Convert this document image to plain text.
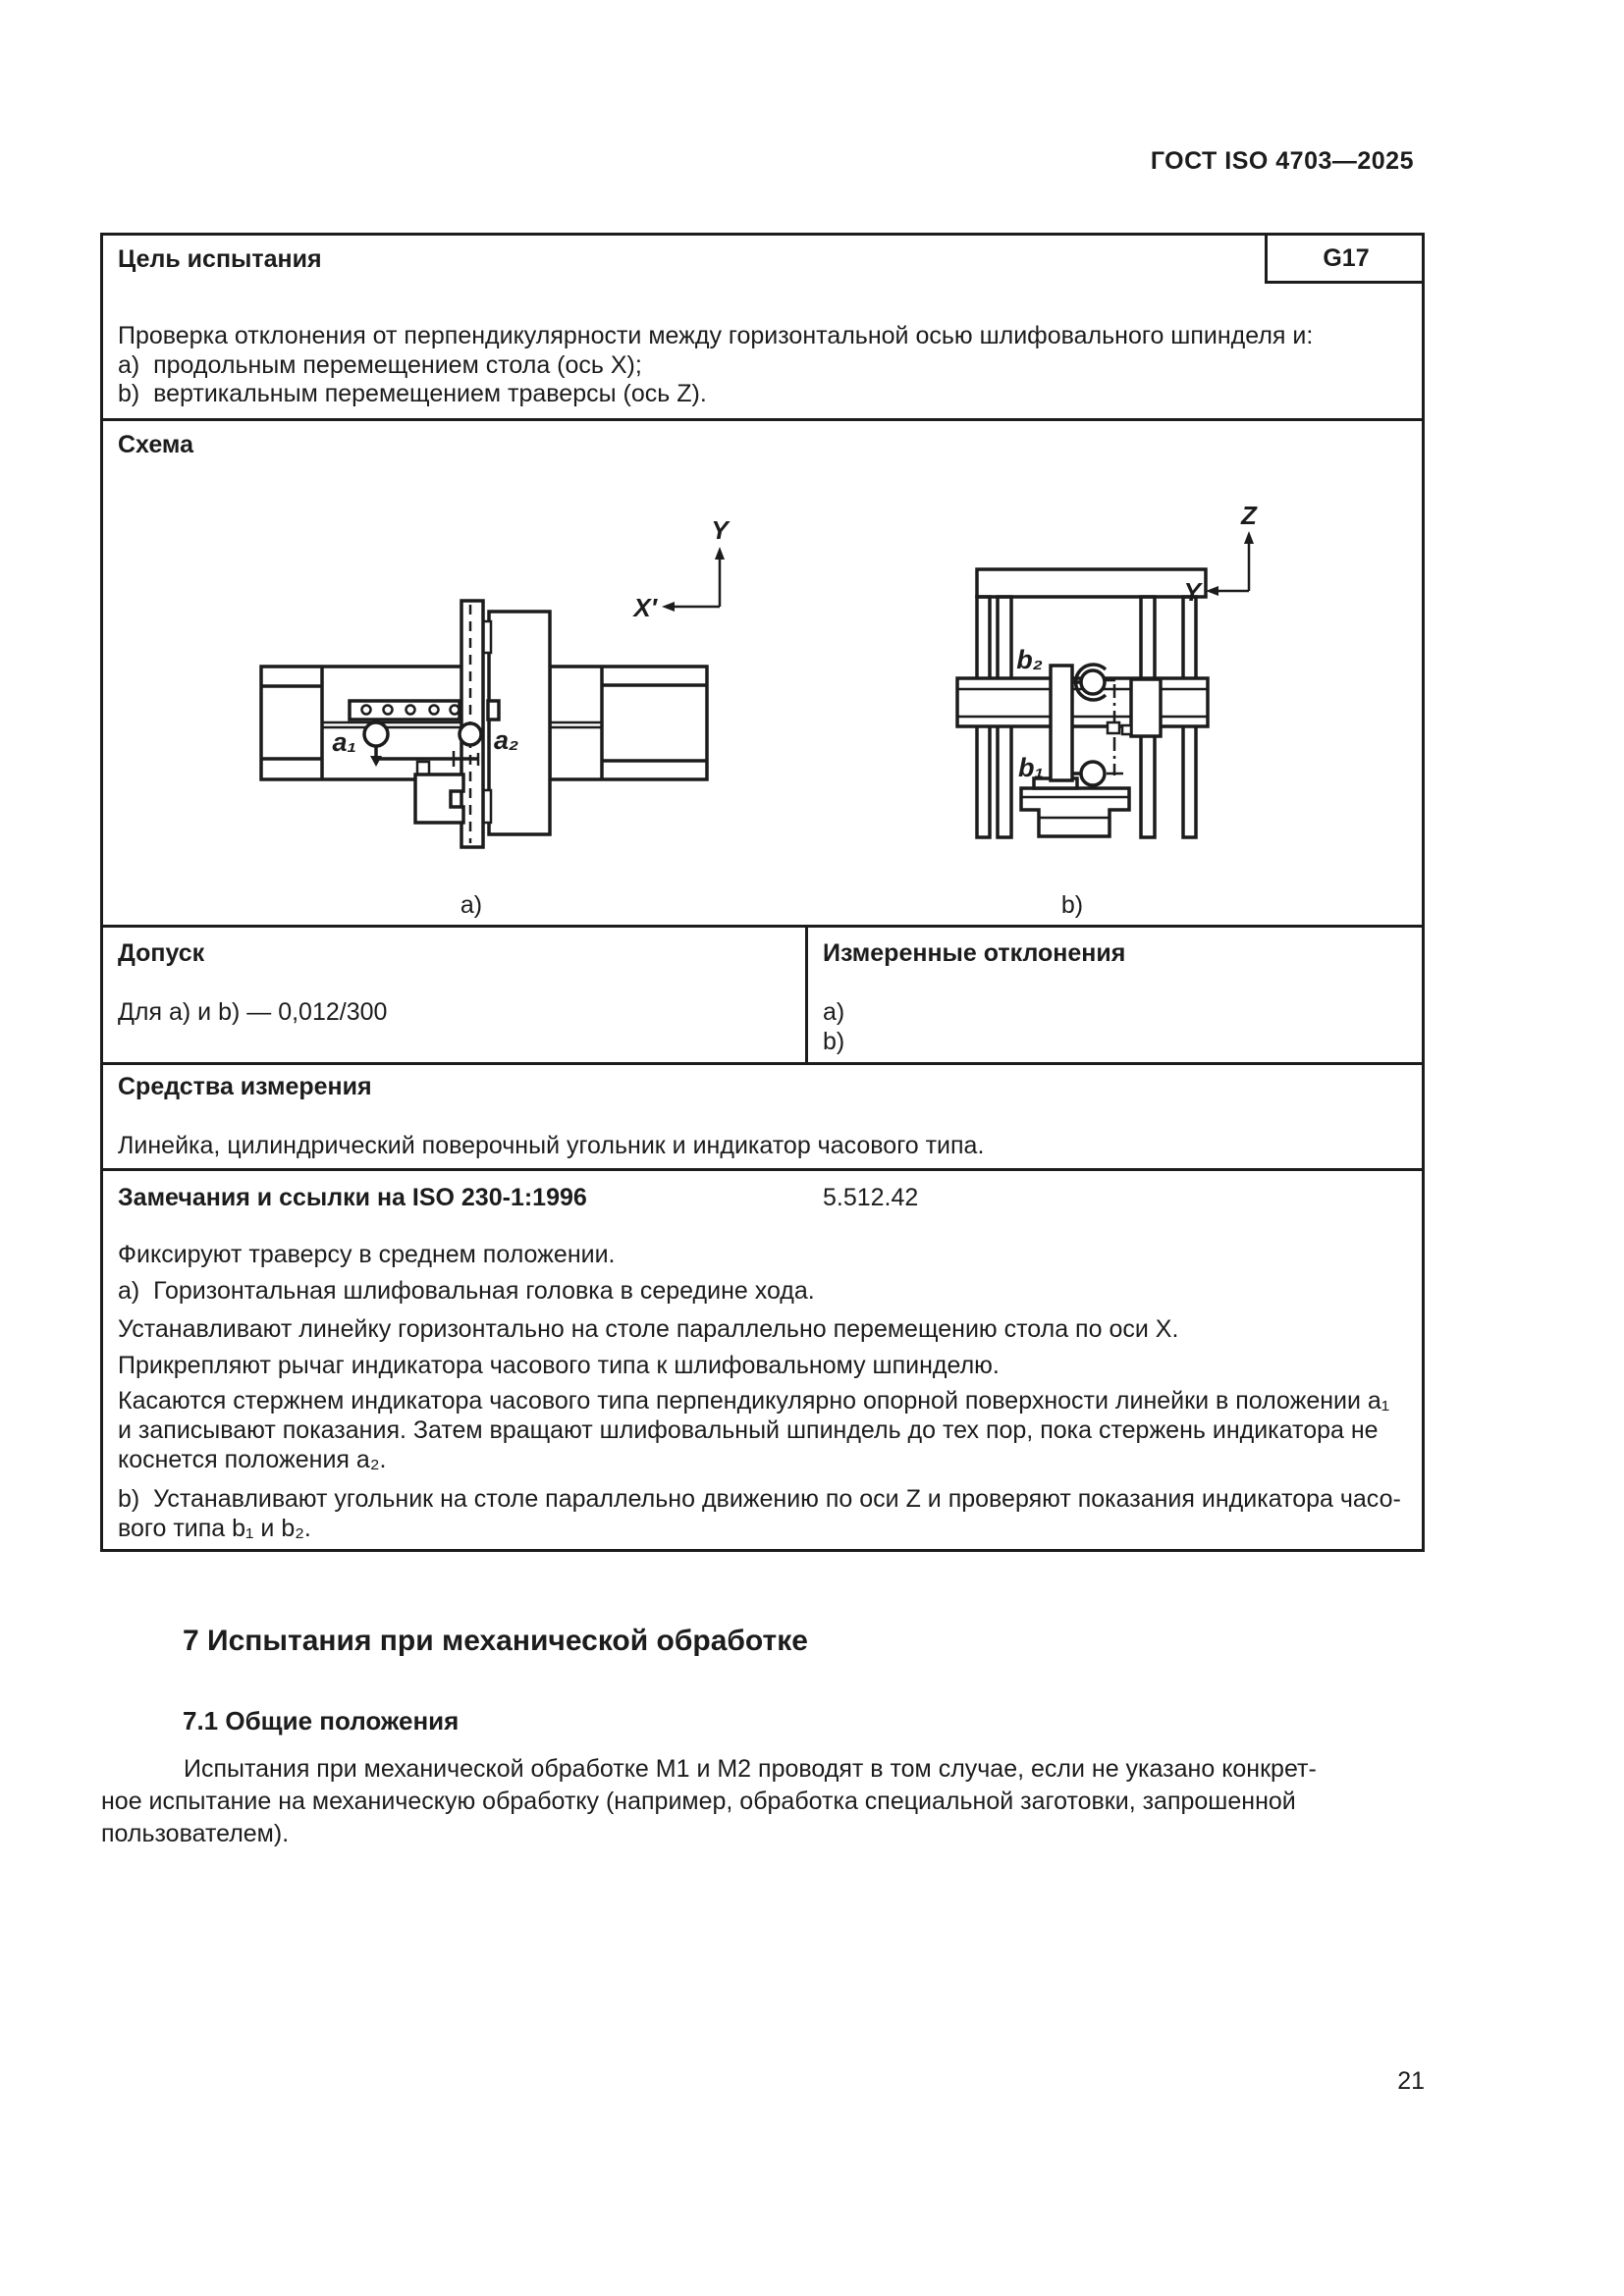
ГОСТ ISO 4703—2025
Цель испытания	G17
Проверка отклонения от перпендикулярности между горизонтальной осью шлифовального шпинделя и:
a)  продольным перемещением стола (ось X);
b)  вертикальным перемещением траверсы (ось Z).
Схема
a₁	a₂
Y
X′
a)
b₂
b₁
Z
Y
b)
Допуск
Для a) и b) — 0,012/300
Измеренные отклонения
a)
b)
Средства измерения
Линейка, цилиндрический поверочный угольник и индикатор часового типа.
Замечания и ссылки на ISO 230-1:1996	5.512.42
Фиксируют траверсу в среднем положении.
a)  Горизонтальная шлифовальная головка в середине хода.
Устанавливают линейку горизонтально на столе параллельно перемещению стола по оси X.
Прикрепляют рычаг индикатора часового типа к шлифовальному шпинделю.
Касаются стержнем индикатора часового типа перпендикулярно опорной поверхности линейки в положении a₁
и записывают показания. Затем вращают шлифовальный шпиндель до тех пор, пока стержень индикатора не
коснется положения a₂.
b)  Устанавливают угольник на столе параллельно движению по оси Z и проверяют показания индикатора часо-
вого типа b₁ и b₂.
7 Испытания при механической обработке
7.1 Общие положения
Испытания при механической обработке М1 и М2 проводят в том случае, если не указано конкрет-
ное испытание на механическую обработку (например, обработка специальной заготовки, запрошенной
пользователем).
21
